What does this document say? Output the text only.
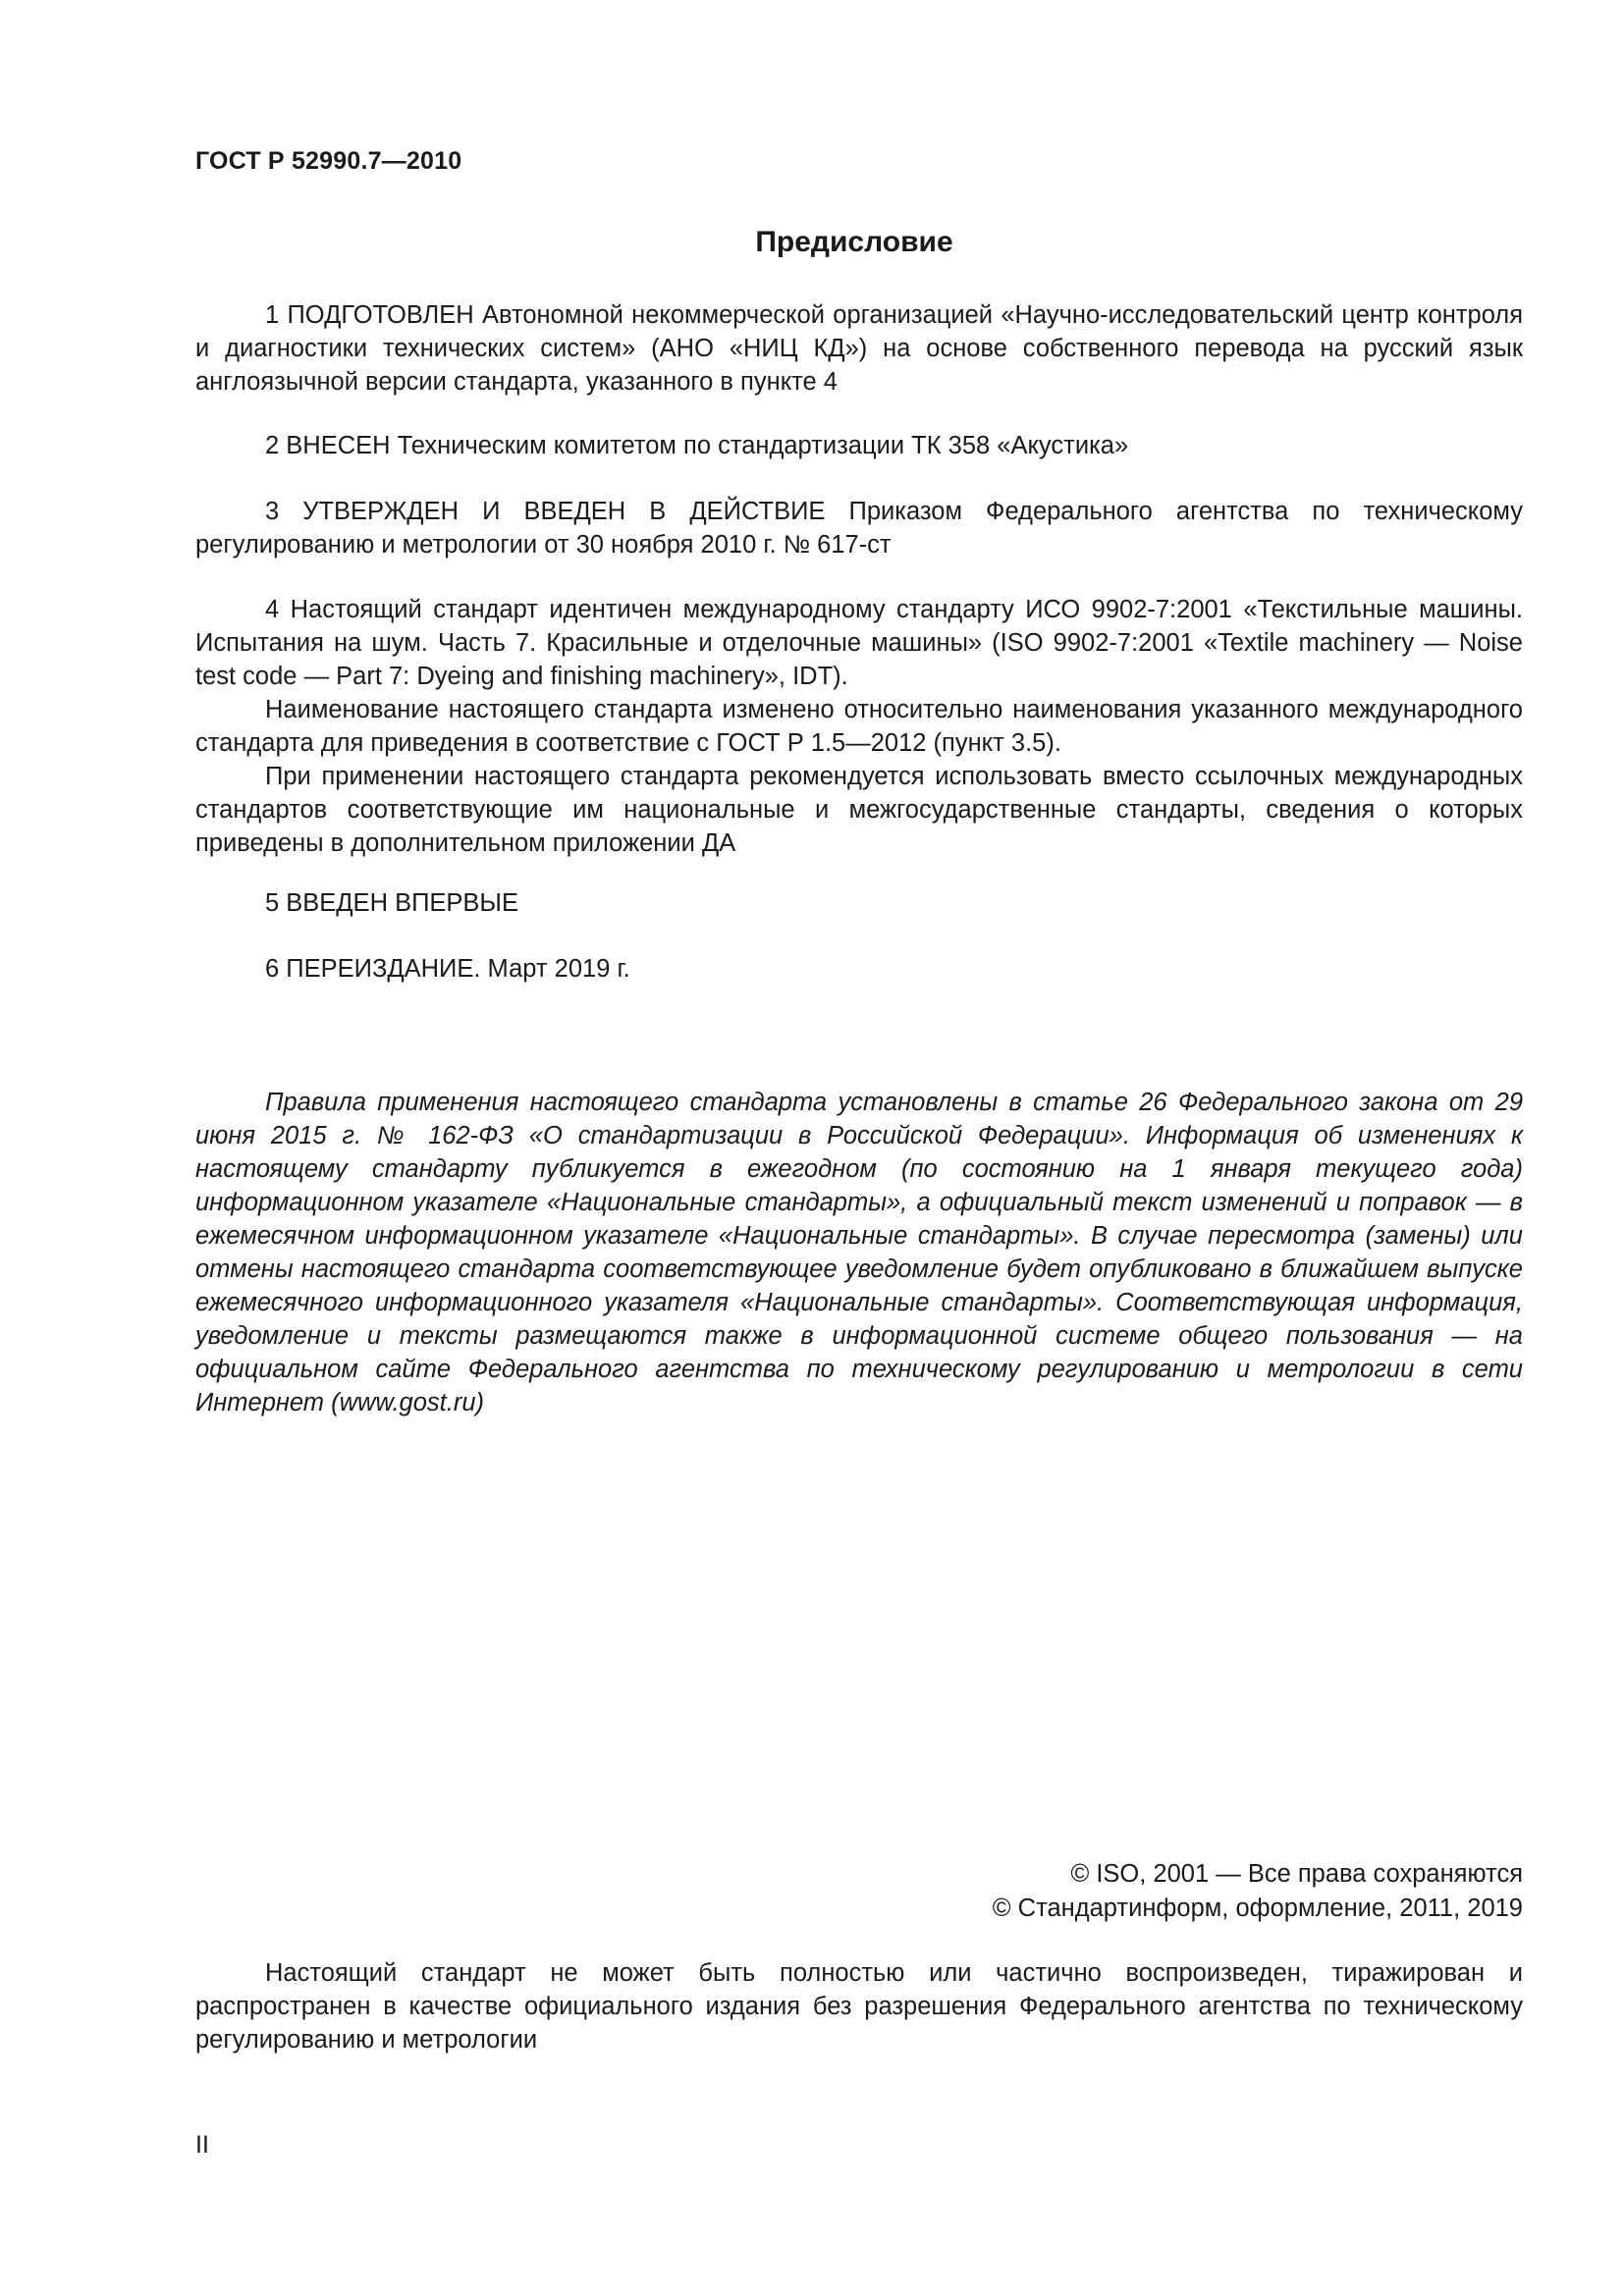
ГОСТ Р 52990.7—2010
Предисловие

1 ПОДГОТОВЛЕН Автономной некоммерческой организацией «Научно-исследовательский центр контроля и диагностики технических систем» (АНО «НИЦ КД») на основе собственного перевода на русский язык англоязычной версии стандарта, указанного в пункте 4

2 ВНЕСЕН Техническим комитетом по стандартизации ТК 358 «Акустика»

3 УТВЕРЖДЕН И ВВЕДЕН В ДЕЙСТВИЕ Приказом Федерального агентства по техническому регулированию и метрологии от 30 ноября 2010 г. № 617-ст

4 Настоящий стандарт идентичен международному стандарту ИСО 9902-7:2001 «Текстильные машины. Испытания на шум. Часть 7. Красильные и отделочные машины» (ISO 9902-7:2001 «Textile machinery — Noise test code — Part 7: Dyeing and finishing machinery», IDT).

Наименование настоящего стандарта изменено относительно наименования указанного международного стандарта для приведения в соответствие с ГОСТ Р 1.5—2012 (пункт 3.5).

При применении настоящего стандарта рекомендуется использовать вместо ссылочных международных стандартов соответствующие им национальные и межгосударственные стандарты, сведения о которых приведены в дополнительном приложении ДА

5 ВВЕДЕН ВПЕРВЫЕ

6 ПЕРЕИЗДАНИЕ. Март 2019 г.

Правила применения настоящего стандарта установлены в статье 26 Федерального закона от 29 июня 2015 г. № 162-ФЗ «О стандартизации в Российской Федерации». Информация об изменениях к настоящему стандарту публикуется в ежегодном (по состоянию на 1 января текущего года) информационном указателе «Национальные стандарты», а официальный текст изменений и поправок — в ежемесячном информационном указателе «Национальные стандарты». В случае пересмотра (замены) или отмены настоящего стандарта соответствующее уведомление будет опубликовано в ближайшем выпуске ежемесячного информационного указателя «Национальные стандарты». Соответствующая информация, уведомление и тексты размещаются также в информационной системе общего пользования — на официальном сайте Федерального агентства по техническому регулированию и метрологии в сети Интернет (www.gost.ru)

© ISO, 2001 — Все права сохраняются
© Стандартинформ, оформление, 2011, 2019

Настоящий стандарт не может быть полностью или частично воспроизведен, тиражирован и распространен в качестве официального издания без разрешения Федерального агентства по техническому регулированию и метрологии

II
